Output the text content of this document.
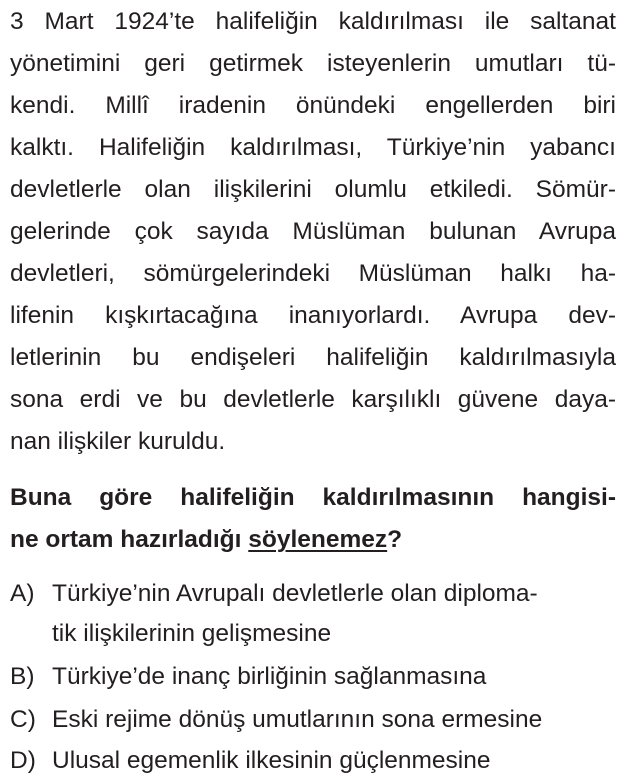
3 Mart 1924’te halifeliğin kaldırılması ile saltanat
yönetimini geri getirmek isteyenlerin umutları tü-
kendi. Millî iradenin önündeki engellerden biri
kalktı. Halifeliğin kaldırılması, Türkiye’nin yabancı
devletlerle olan ilişkilerini olumlu etkiledi. Sömür-
gelerinde çok sayıda Müslüman bulunan Avrupa
devletleri, sömürgelerindeki Müslüman halkı ha-
lifenin kışkırtacağına inanıyorlardı. Avrupa dev-
letlerinin bu endişeleri halifeliğin kaldırılmasıyla
sona erdi ve bu devletlerle karşılıklı güvene daya-
nan ilişkiler kuruldu.
Buna göre halifeliğin kaldırılmasının hangisi-
ne ortam hazırladığı söylenemez?
A) Türkiye’nin Avrupalı devletlerle olan diploma-
tik ilişkilerinin gelişmesine
B) Türkiye’de inanç birliğinin sağlanmasına
C) Eski rejime dönüş umutlarının sona ermesine
D) Ulusal egemenlik ilkesinin güçlenmesine
